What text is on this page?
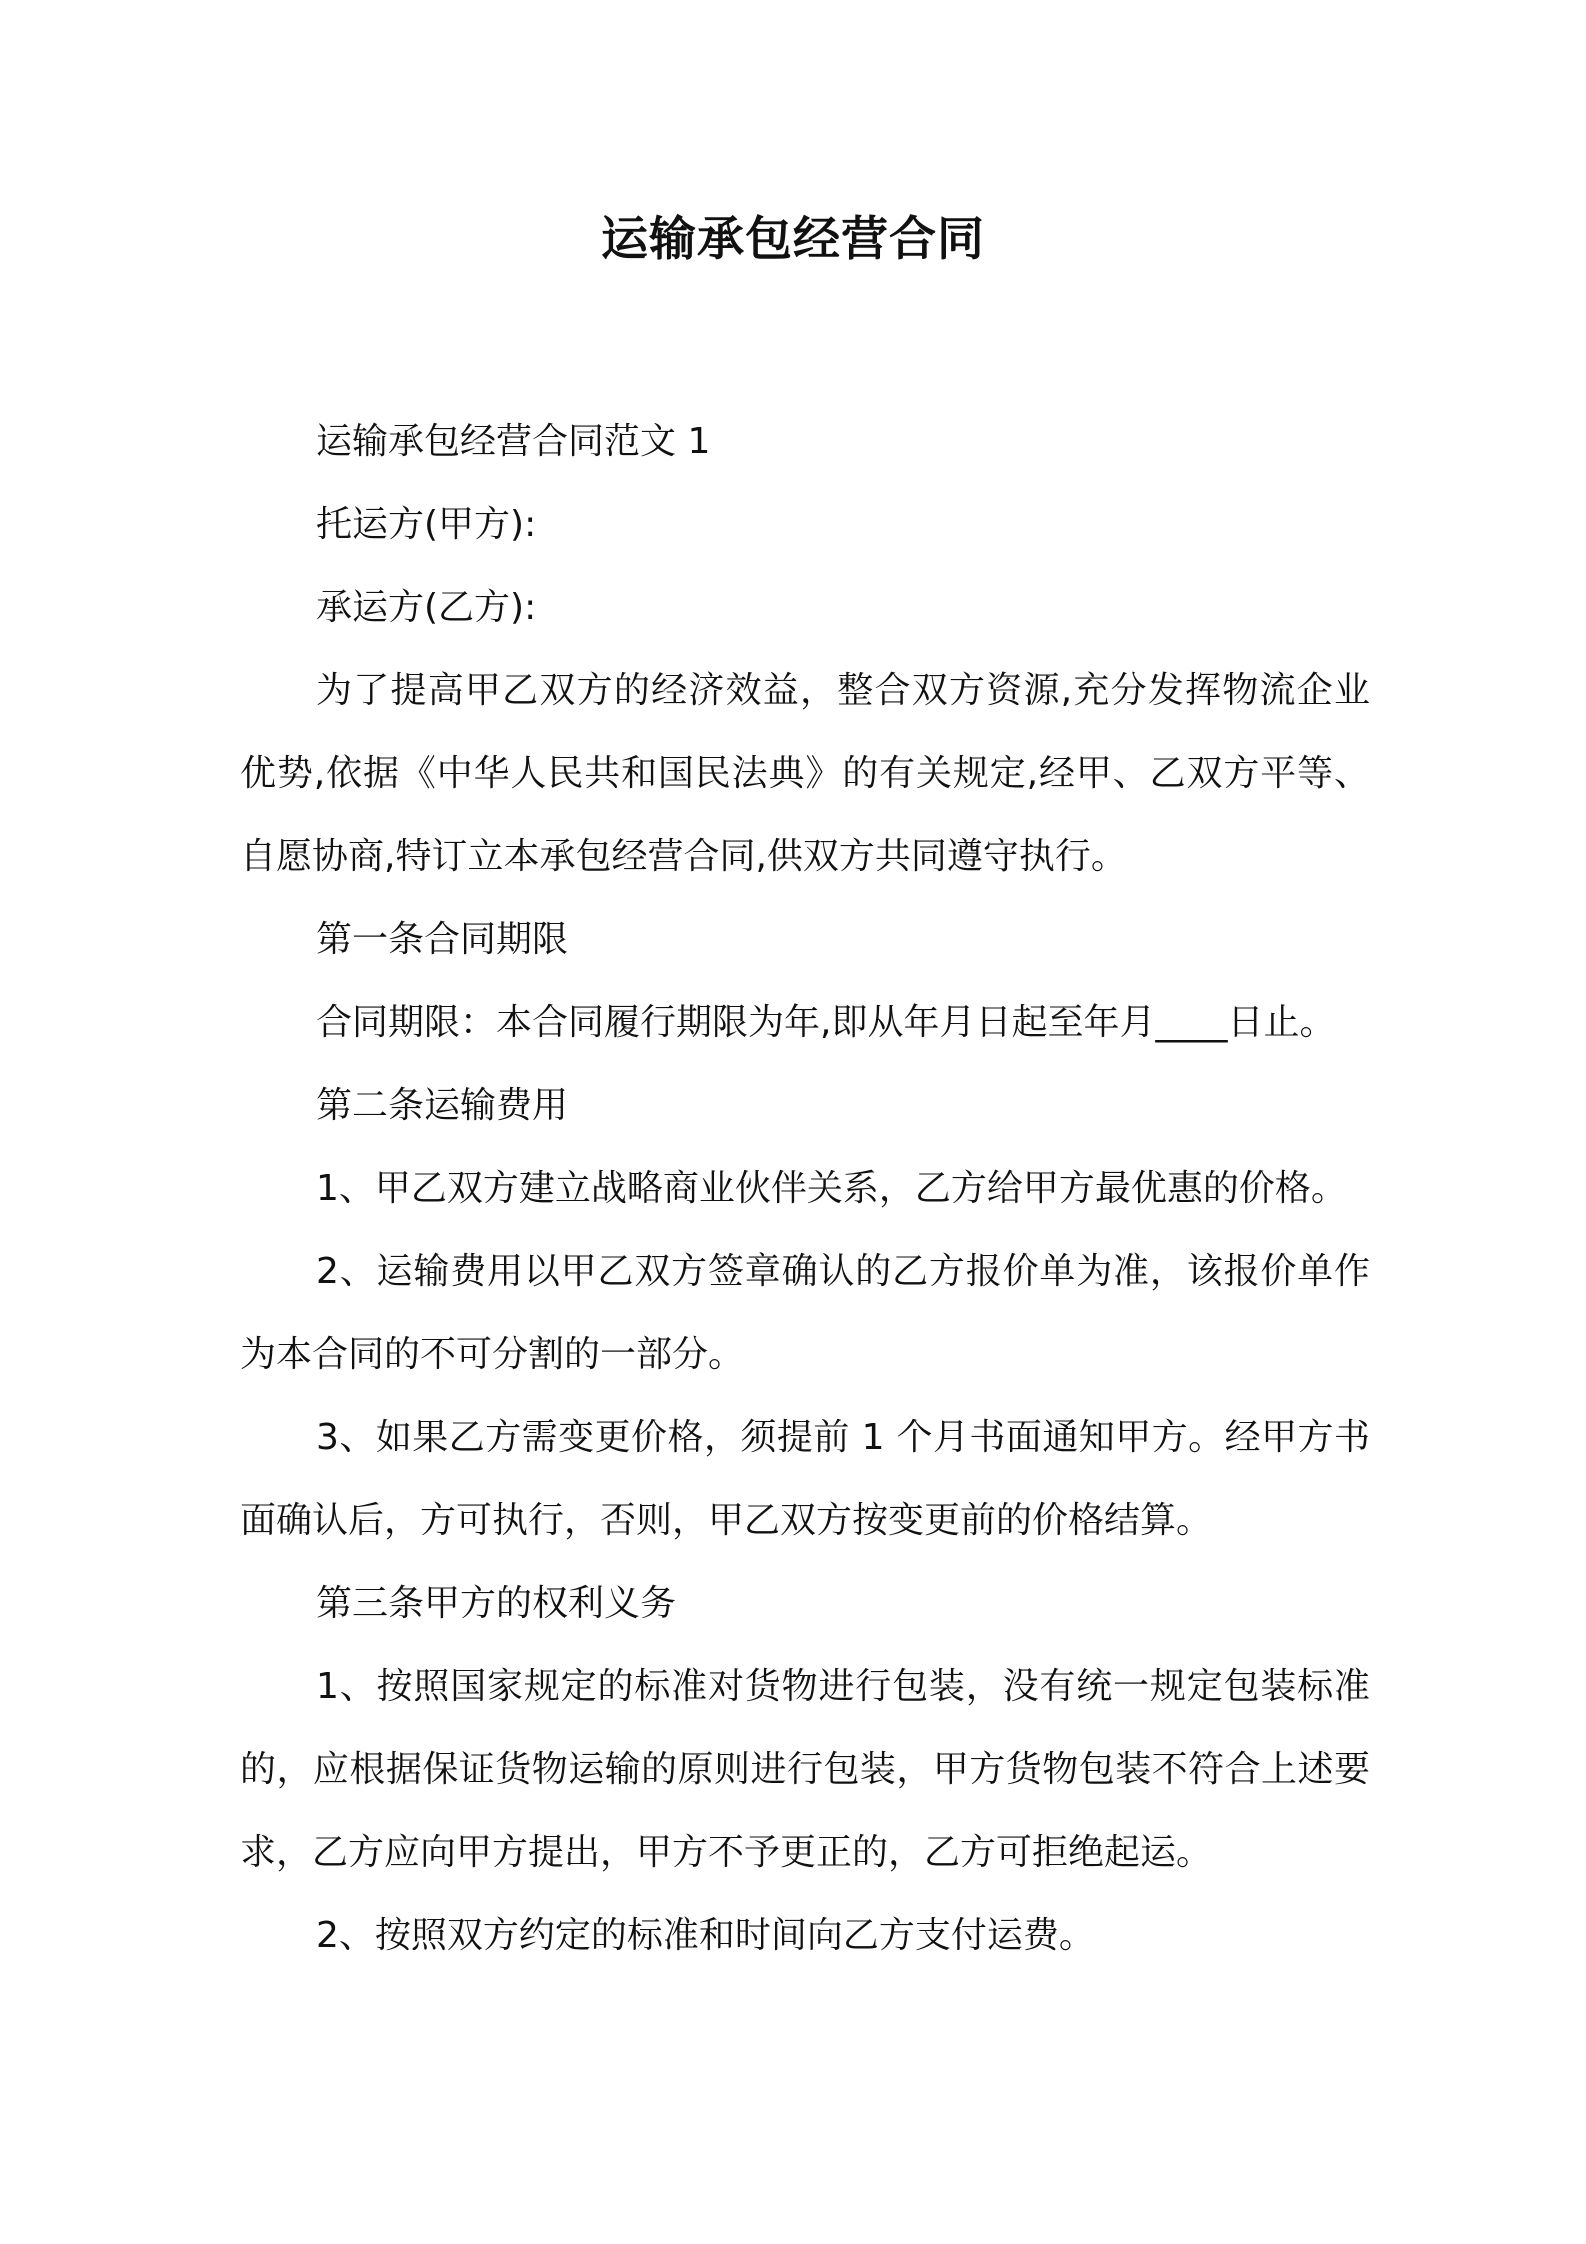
运输承包经营合同

运输承包经营合同范文 1

托运方(甲方):

承运方(乙方):

为了提高甲乙双方的经济效益，整合双方资源,充分发挥物流企业优势,依据《中华人民共和国民法典》的有关规定,经甲、乙双方平等、自愿协商,特订立本承包经营合同,供双方共同遵守执行。

第一条合同期限

合同期限：本合同履行期限为年,即从年月日起至年月____日止。

第二条运输费用

1、甲乙双方建立战略商业伙伴关系，乙方给甲方最优惠的价格。

2、运输费用以甲乙双方签章确认的乙方报价单为准，该报价单作为本合同的不可分割的一部分。

3、如果乙方需变更价格，须提前 1 个月书面通知甲方。经甲方书面确认后，方可执行，否则，甲乙双方按变更前的价格结算。

第三条甲方的权利义务

1、按照国家规定的标准对货物进行包装，没有统一规定包装标准的，应根据保证货物运输的原则进行包装，甲方货物包装不符合上述要求，乙方应向甲方提出，甲方不予更正的，乙方可拒绝起运。

2、按照双方约定的标准和时间向乙方支付运费。
